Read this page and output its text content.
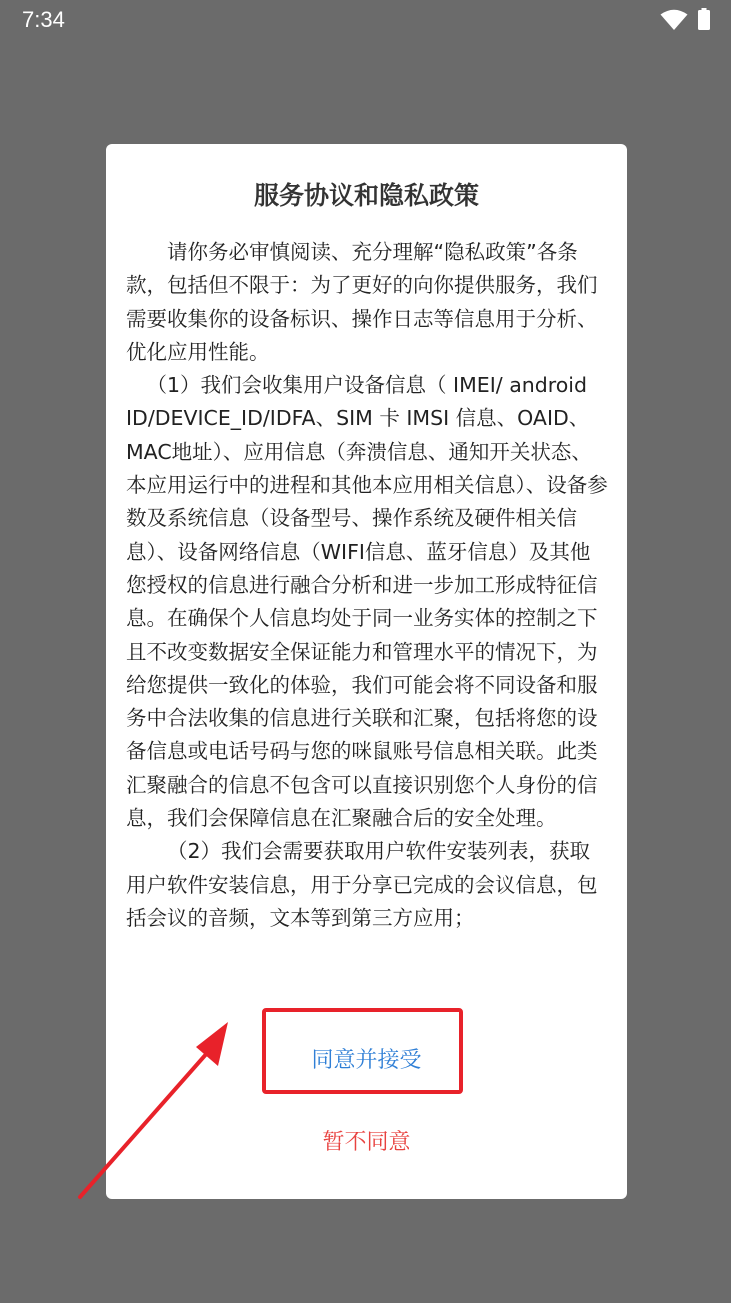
7:34
服务协议和隐私政策

请你务必审慎阅读、充分理解“隐私政策”各条款，包括但不限于：为了更好的向你提供服务，我们需要收集你的设备标识、操作日志等信息用于分析、优化应用性能。

（1）我们会收集用户设备信息（ IMEI/ android ID/DEVICE_ID/IDFA、SIM 卡 IMSI 信息、OAID、MAC地址）、应用信息（奔溃信息、通知开关状态、本应用运行中的进程和其他本应用相关信息）、设备参数及系统信息（设备型号、操作系统及硬件相关信息）、设备网络信息（WIFI信息、蓝牙信息）及其他您授权的信息进行融合分析和进一步加工形成特征信息。在确保个人信息均处于同一业务实体的控制之下且不改变数据安全保证能力和管理水平的情况下，为给您提供一致化的体验，我们可能会将不同设备和服务中合法收集的信息进行关联和汇聚，包括将您的设备信息或电话号码与您的咪鼠账号信息相关联。此类汇聚融合的信息不包含可以直接识别您个人身份的信息，我们会保障信息在汇聚融合后的安全处理。

（2）我们会需要获取用户软件安装列表，获取用户软件安装信息，用于分享已完成的会议信息，包括会议的音频，文本等到第三方应用；

同意并接受
暂不同意
